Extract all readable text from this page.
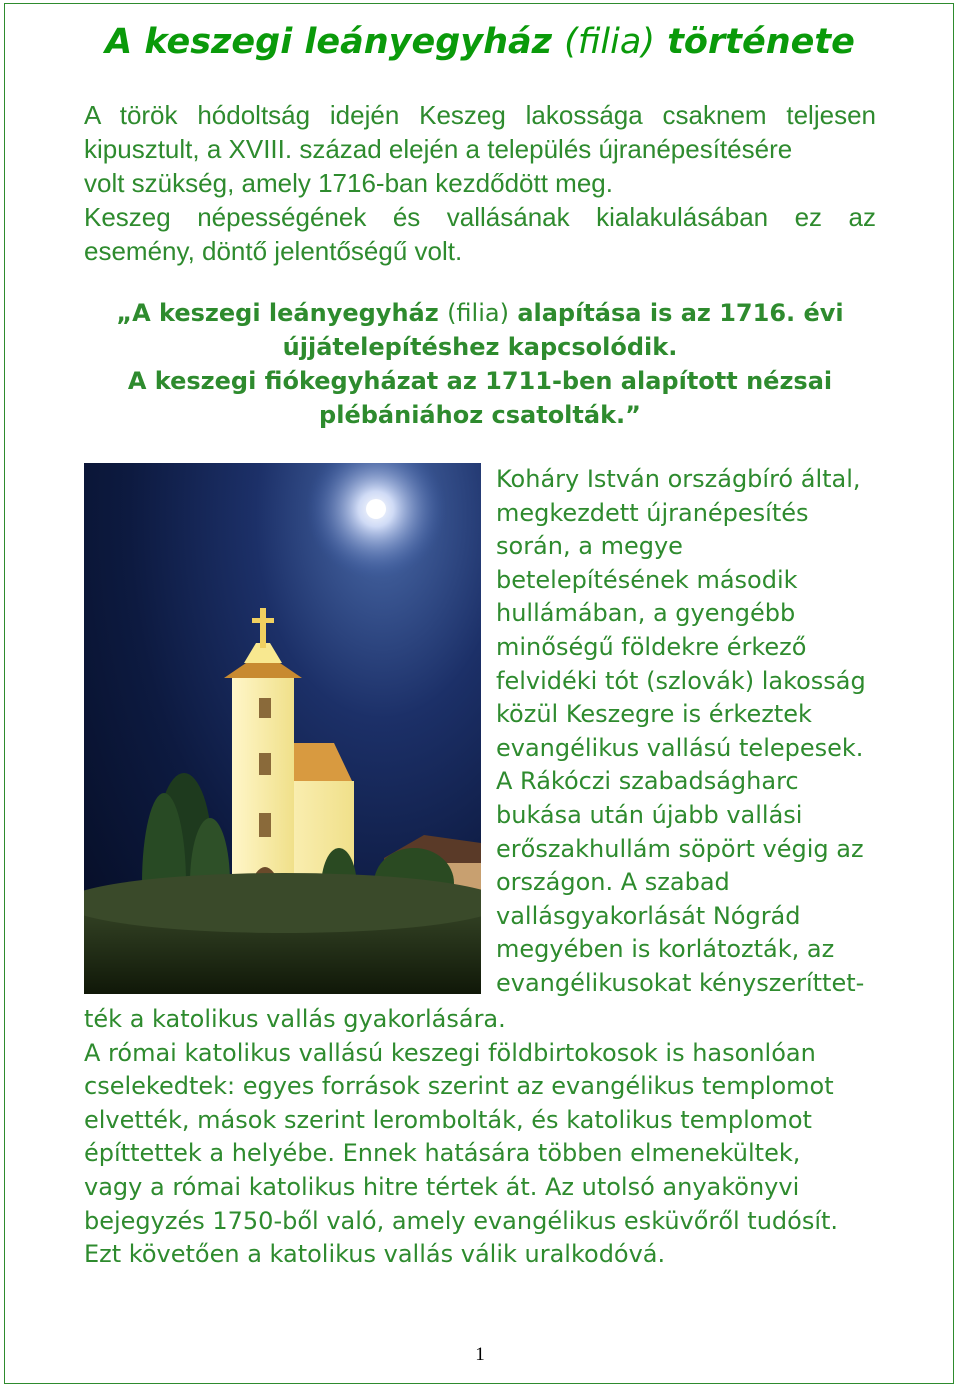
A keszegi leányegyház (filia) története

A török hódoltság idején Keszeg lakossága csaknem teljesen
kipusztult, a XVIII. század elején a település újranépesítésére
volt szükség, amely 1716-ban kezdődött meg.
Keszeg népességének és vallásának kialakulásában ez az
esemény, döntő jelentőségű volt.

„A keszegi leányegyház (filia) alapítása is az 1716. évi
újjátelepítéshez kapcsolódik.
A keszegi fiókegyházat az 1711-ben alapított nézsai
plébániához csatolták.”
Koháry István országbíró által,
megkezdett újranépesítés
során, a megye
betelepítésének második
hullámában, a gyengébb
minőségű földekre érkező
felvidéki tót (szlovák) lakosság
közül Keszegre is érkeztek
evangélikus vallású telepesek.
A Rákóczi szabadságharc
bukása után újabb vallási
erőszakhullám söpört végig az
országon. A szabad
vallásgyakorlását Nógrád
megyében is korlátozták, az
evangélikusokat kényszeríttet-
ték a katolikus vallás gyakorlására.
A római katolikus vallású keszegi földbirtokosok is hasonlóan
cselekedtek: egyes források szerint az evangélikus templomot
elvették, mások szerint lerombolták, és katolikus templomot
építtettek a helyébe. Ennek hatására többen elmenekültek,
vagy a római katolikus hitre tértek át. Az utolsó anyakönyvi
bejegyzés 1750-ből való, amely evangélikus esküvőről tudósít.
Ezt követően a katolikus vallás válik uralkodóvá.
1
